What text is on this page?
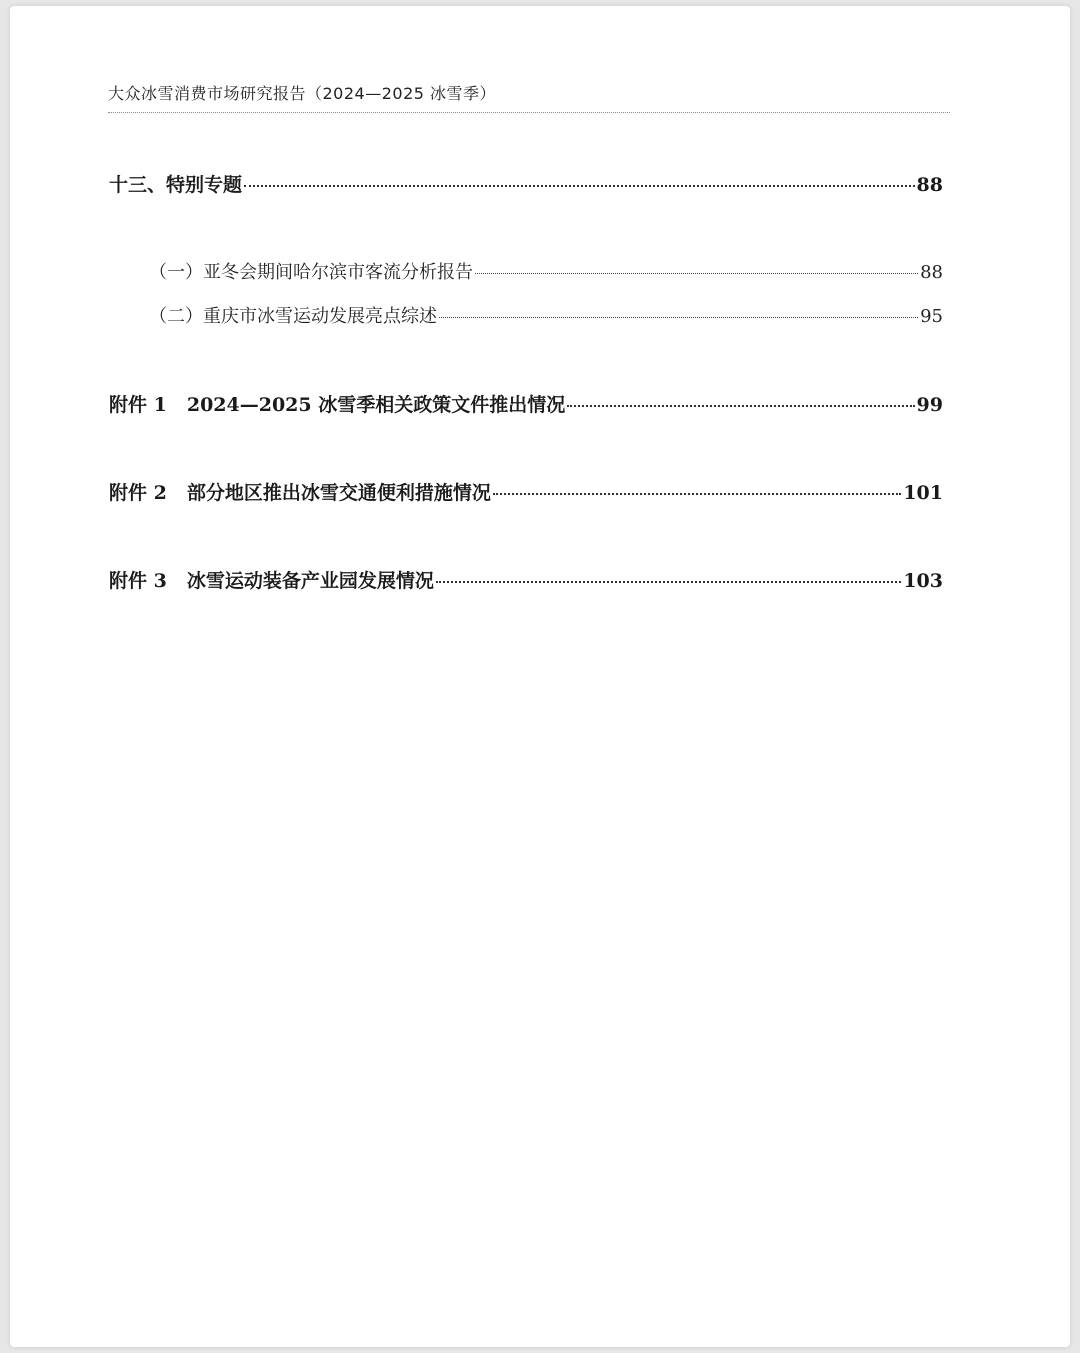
大众冰雪消费市场研究报告（2024—2025 冰雪季）
十三、特别专题	88
（一）亚冬会期间哈尔滨市客流分析报告	88
（二）重庆市冰雪运动发展亮点综述	95
附件 1 2024—2025 冰雪季相关政策文件推出情况	99
附件 2 部分地区推出冰雪交通便利措施情况	101
附件 3 冰雪运动装备产业园发展情况	103
